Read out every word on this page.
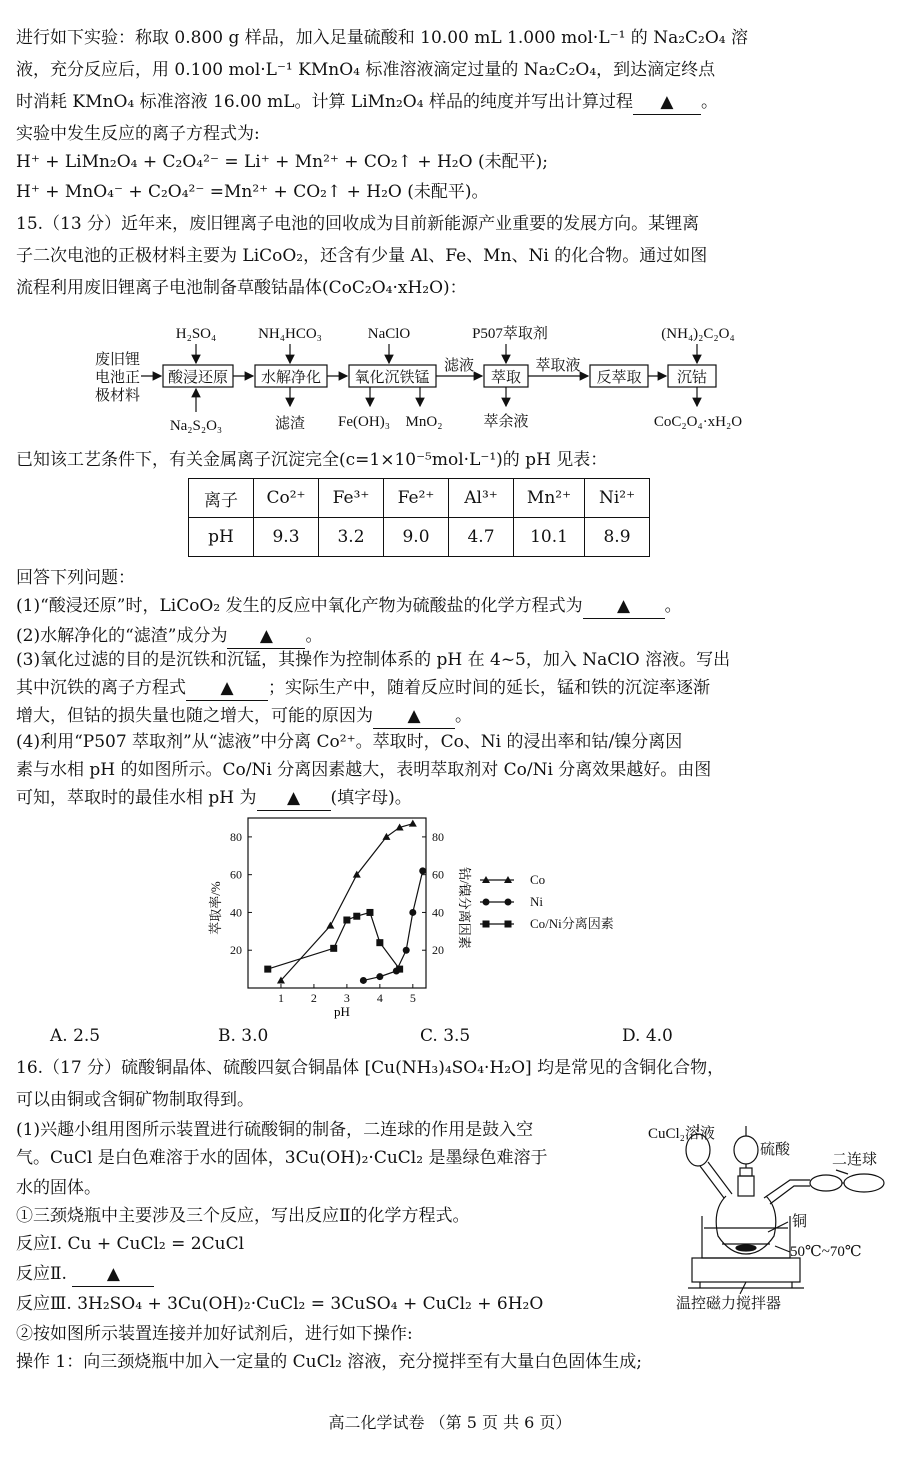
进行如下实验：称取 0.800 g 样品，加入足量硫酸和 10.00 mL 1.000 mol·L⁻¹ 的 Na₂C₂O₄ 溶
液，充分反应后，用 0.100 mol·L⁻¹ KMnO₄ 标准溶液滴定过量的 Na₂C₂O₄，到达滴定终点
时消耗 KMnO₄ 标准溶液 16.00 mL。计算 LiMn₂O₄ 样品的纯度并写出计算过程 ▲ 。
实验中发生反应的离子方程式为:
H⁺ + LiMn₂O₄ + C₂O₄²⁻ = Li⁺ + Mn²⁺ + CO₂↑ + H₂O (未配平);
H⁺ + MnO₄⁻ + C₂O₄²⁻ =Mn²⁺ + CO₂↑ + H₂O (未配平)。
15.（13 分）近年来，废旧锂离子电池的回收成为目前新能源产业重要的发展方向。某锂离
子二次电池的正极材料主要为 LiCoO₂，还含有少量 Al、Fe、Mn、Ni 的化合物。通过如图
流程利用废旧锂离子电池制备草酸钴晶体(CoC₂O₄·xH₂O)：
废旧锂
电池正
极材料
酸浸还原 水解净化 氧化沉铁锰	萃取	反萃取 沉钴
滤液	萃取液
H₂SO₄	NH₄HCO₃	NaClO	P507萃取剂	(NH₄)₂C₂O₄
Na₂S₂O₃	滤渣 Fe(OH)₃ MnO₂	萃余液	CoC₂O₄·xH₂O
已知该工艺条件下，有关金属离子沉淀完全(c=1×10⁻⁵mol·L⁻¹)的 pH 见表：
离子	Co²⁺	Fe³⁺	Fe²⁺	Al³⁺	Mn²⁺	Ni²⁺
pH	9.3	3.2	9.0	4.7	10.1	8.9
回答下列问题：
(1)“酸浸还原”时，LiCoO₂ 发生的反应中氧化产物为硫酸盐的化学方程式为 ▲ 。
(2)水解净化的“滤渣”成分为 ▲ 。
(3)氧化过滤的目的是沉铁和沉锰，其操作为控制体系的 pH 在 4~5，加入 NaClO 溶液。写出
其中沉铁的离子方程式 ▲ ；实际生产中，随着反应时间的延长，锰和铁的沉淀率逐渐
增大，但钴的损失量也随之增大，可能的原因为 ▲ 。
(4)利用“P507 萃取剂”从“滤液”中分离 Co²⁺。萃取时，Co、Ni 的浸出率和钴/镍分离因
素与水相 pH 的如图所示。Co/Ni 分离因素越大，表明萃取剂对 Co/Ni 分离效果越好。由图
可知，萃取时的最佳水相 pH 为 ▲ (填字母)。
萃取率/%	钴/镍分离因素
pH
1 2 3 4 5
20
40
60
80
20
40
60
80
Co
Ni
Co/Ni分离因素
A. 2.5	B. 3.0	C. 3.5	D. 4.0
16.（17 分）硫酸铜晶体、硫酸四氨合铜晶体 [Cu(NH₃)₄SO₄·H₂O] 均是常见的含铜化合物，
可以由铜或含铜矿物制取得到。
(1)兴趣小组用图所示装置进行硫酸铜的制备，二连球的作用是鼓入空
气。CuCl 是白色难溶于水的固体，3Cu(OH)₂·CuCl₂ 是墨绿色难溶于
水的固体。
①三颈烧瓶中主要涉及三个反应，写出反应Ⅱ的化学方程式。
反应Ⅰ. Cu + CuCl₂ = 2CuCl
反应Ⅱ. ▲
反应Ⅲ. 3H₂SO₄ + 3Cu(OH)₂·CuCl₂ = 3CuSO₄ + CuCl₂ + 6H₂O
②按如图所示装置连接并加好试剂后，进行如下操作:
操作 1：向三颈烧瓶中加入一定量的 CuCl₂ 溶液，充分搅拌至有大量白色固体生成;
CuCl₂溶液
硫酸
二连球
铜
50℃~70℃
温控磁力搅拌器
高二化学试卷 （第 5 页 共 6 页）
